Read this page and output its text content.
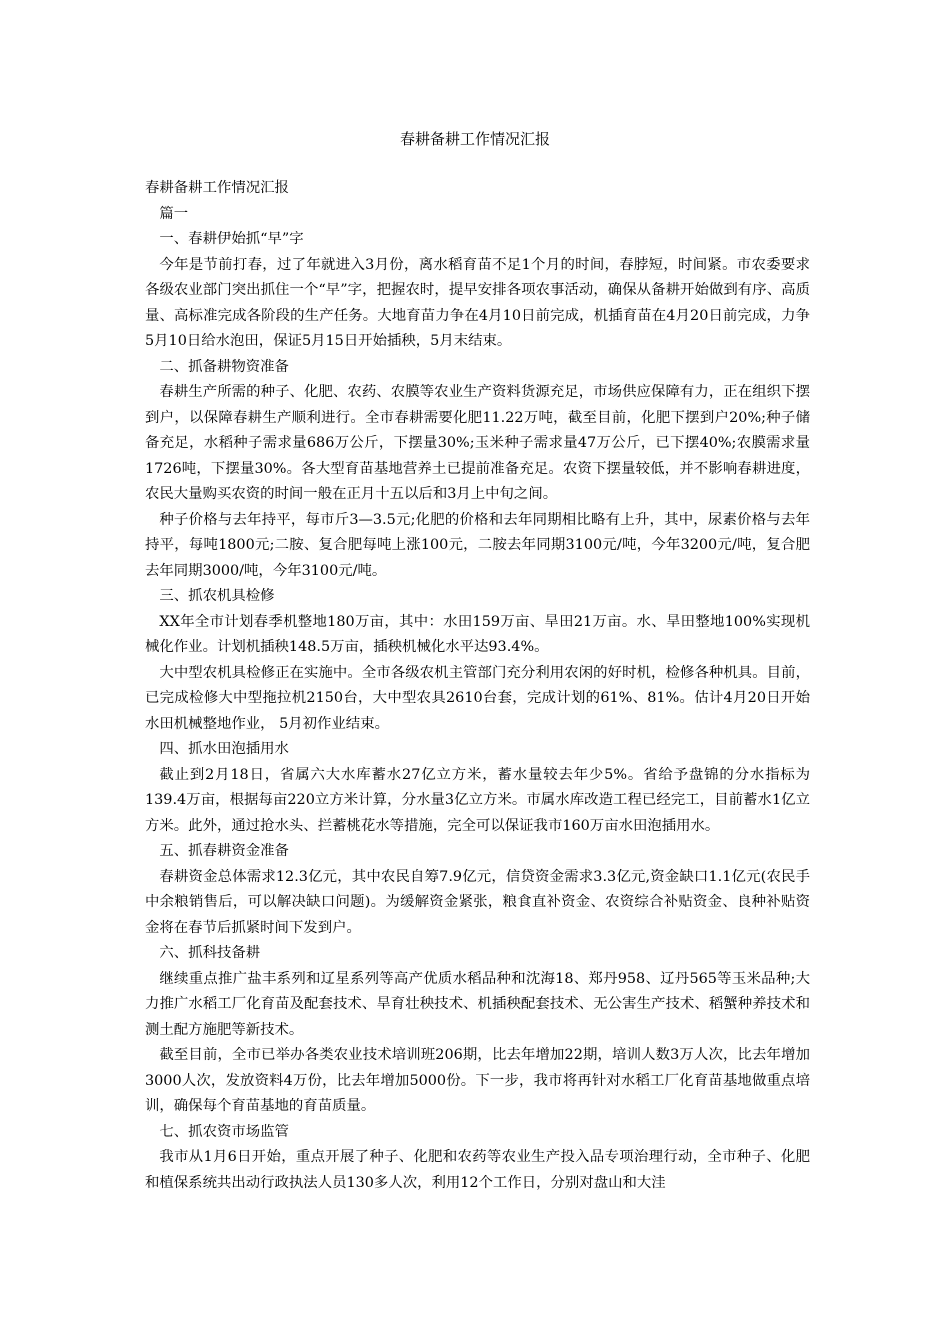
春耕备耕工作情况汇报

春耕备耕工作情况汇报

篇一

一、春耕伊始抓“早”字

今年是节前打春，过了年就进入3月份，离水稻育苗不足1个月的时间，春脖短，时间紧。市农委要求各级农业部门突出抓住一个“早”字，把握农时，提早安排各项农事活动，确保从备耕开始做到有序、高质量、高标准完成各阶段的生产任务。大地育苗力争在4月10日前完成，机插育苗在4月20日前完成，力争5月10日给水泡田，保证5月15日开始插秧，5月末结束。

二、抓备耕物资准备

春耕生产所需的种子、化肥、农药、农膜等农业生产资料货源充足，市场供应保障有力，正在组织下摆到户，以保障春耕生产顺利进行。全市春耕需要化肥11.22万吨，截至目前，化肥下摆到户20%;种子储备充足，水稻种子需求量686万公斤，下摆量30%;玉米种子需求量47万公斤，已下摆40%;农膜需求量1726吨，下摆量30%。各大型育苗基地营养土已提前准备充足。农资下摆量较低，并不影响春耕进度，农民大量购买农资的时间一般在正月十五以后和3月上中旬之间。

种子价格与去年持平，每市斤3—3.5元;化肥的价格和去年同期相比略有上升，其中，尿素价格与去年持平，每吨1800元;二胺、复合肥每吨上涨100元，二胺去年同期3100元/吨，今年3200元/吨，复合肥去年同期3000/吨，今年3100元/吨。

三、抓农机具检修

XX年全市计划春季机整地180万亩，其中：水田159万亩、旱田21万亩。水、旱田整地100%实现机械化作业。计划机插秧148.5万亩，插秧机械化水平达93.4%。

大中型农机具检修正在实施中。全市各级农机主管部门充分利用农闲的好时机，检修各种机具。目前，已完成检修大中型拖拉机2150台，大中型农具2610台套，完成计划的61%、81%。估计4月20日开始水田机械整地作业， 5月初作业结束。

四、抓水田泡插用水

截止到2月18日，省属六大水库蓄水27亿立方米，蓄水量较去年少5%。省给予盘锦的分水指标为139.4万亩，根据每亩220立方米计算，分水量3亿立方米。市属水库改造工程已经完工，目前蓄水1亿立方米。此外，通过抢水头、拦蓄桃花水等措施，完全可以保证我市160万亩水田泡插用水。

五、抓春耕资金准备

春耕资金总体需求12.3亿元，其中农民自筹7.9亿元，信贷资金需求3.3亿元,资金缺口1.1亿元(农民手中余粮销售后，可以解决缺口问题)。为缓解资金紧张，粮食直补资金、农资综合补贴资金、良种补贴资金将在春节后抓紧时间下发到户。

六、抓科技备耕

继续重点推广盐丰系列和辽星系列等高产优质水稻品种和沈海18、郑丹958、辽丹565等玉米品种;大力推广水稻工厂化育苗及配套技术、旱育壮秧技术、机插秧配套技术、无公害生产技术、稻蟹种养技术和测土配方施肥等新技术。

截至目前，全市已举办各类农业技术培训班206期，比去年增加22期，培训人数3万人次，比去年增加3000人次，发放资料4万份，比去年增加5000份。下一步，我市将再针对水稻工厂化育苗基地做重点培训，确保每个育苗基地的育苗质量。

七、抓农资市场监管

我市从1月6日开始，重点开展了种子、化肥和农药等农业生产投入品专项治理行动，全市种子、化肥和植保系统共出动行政执法人员130多人次，利用12个工作日，分别对盘山和大洼
